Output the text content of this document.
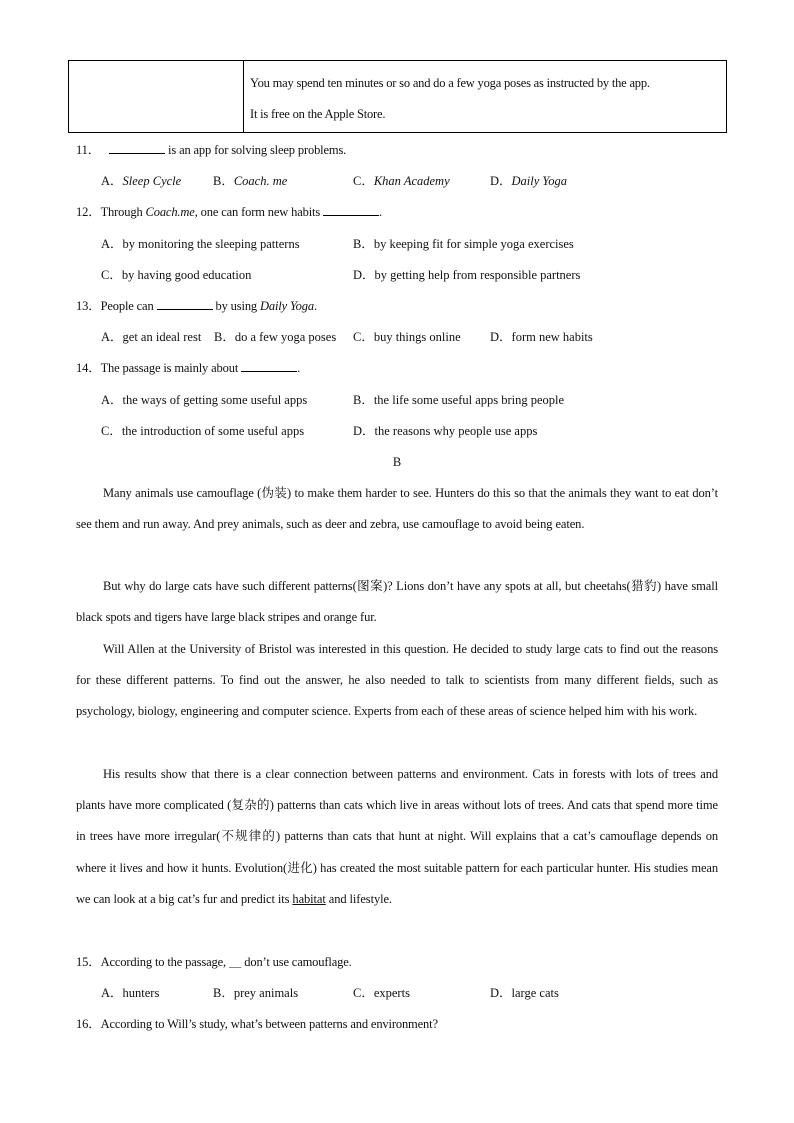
You may spend ten minutes or so and do a few yoga poses as instructed by the app.
It is free on the Apple Store.
11．	is an app for solving sleep problems.
A．Sleep Cycle	B．Coach. me	C．Khan Academy	D．Daily Yoga
12．Through Coach.me, one can form new habits	.
A．by monitoring the sleeping patterns	B．by keeping fit for simple yoga exercises
C．by having good education	D．by getting help from responsible partners
13．People can	by using Daily Yoga.
A．get an ideal rest B．do a few yoga poses C．buy things online D．form new habits
14．The passage is mainly about	.
A．the ways of getting some useful apps	B．the life some useful apps bring people
C．the introduction of some useful apps	D．the reasons why people use apps
B
Many animals use camouflage (伪装) to make them harder to see. Hunters do this so that the animals they want to eat don’t see them and run away. And prey animals, such as deer and zebra, use camouflage to avoid being eaten.
But why do large cats have such different patterns(图案)? Lions don’t have any spots at all, but cheetahs(猎豹) have small black spots and tigers have large black stripes and orange fur.
Will Allen at the University of Bristol was interested in this question. He decided to study large cats to find out the reasons for these different patterns. To find out the answer, he also needed to talk to scientists from many different fields, such as psychology, biology, engineering and computer science. Experts from each of these areas of science helped him with his work.
His results show that there is a clear connection between patterns and environment. Cats in forests with lots of trees and plants have more complicated (复杂的) patterns than cats which live in areas without lots of trees. And cats that spend more time in trees have more irregular(不规律的) patterns than cats that hunt at night. Will explains that a cat’s camouflage depends on where it lives and how it hunts. Evolution(进化) has created the most suitable pattern for each particular hunter. His studies mean we can look at a big cat’s fur and predict its habitat and lifestyle.
15．According to the passage, ＿ don’t use camouflage.
A．hunters	B．prey animals	C．experts	D．large cats
16．According to Will’s study, what’s between patterns and environment?
